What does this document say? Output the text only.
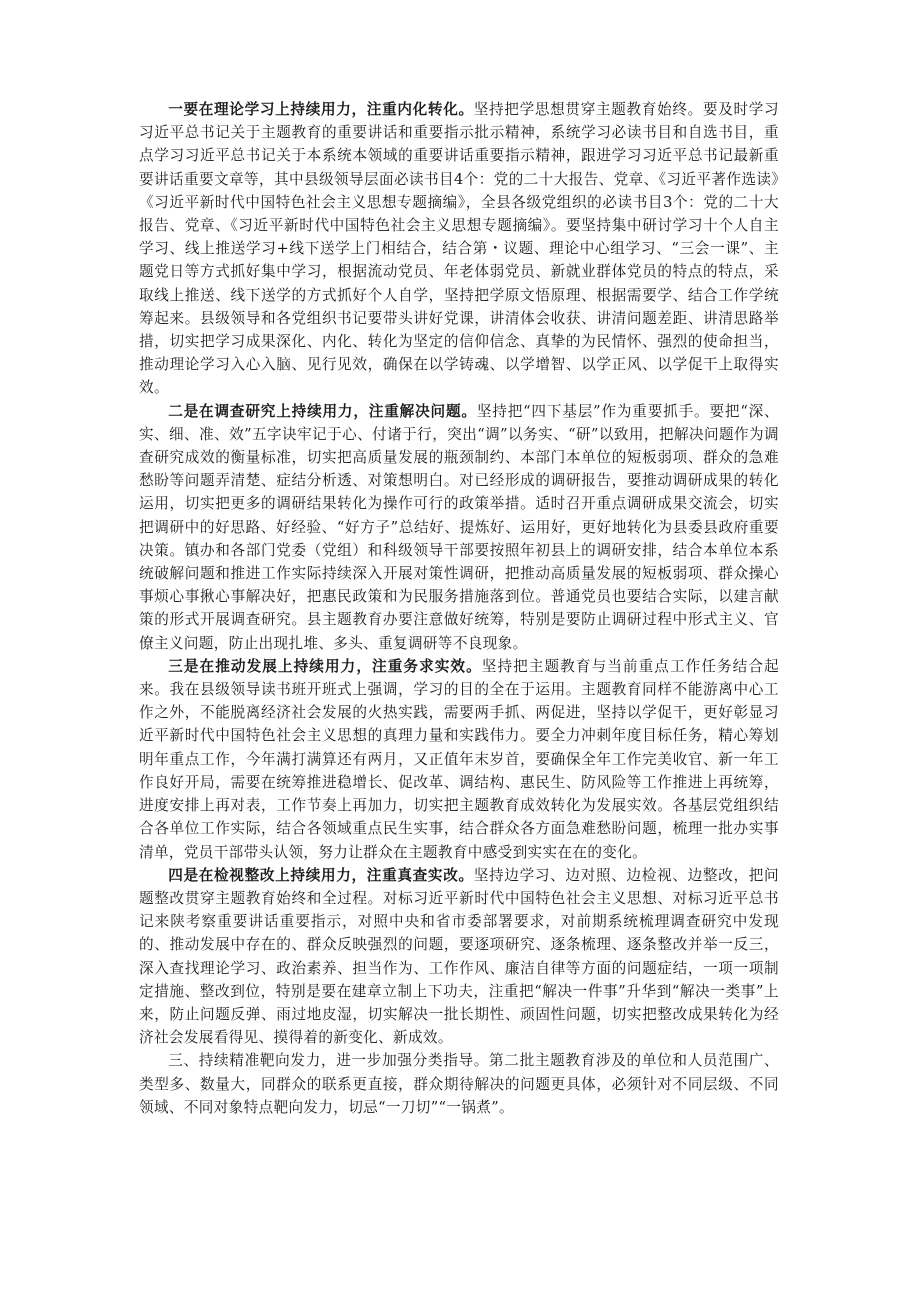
一要在理论学习上持续用力，注重内化转化。坚持把学思想贯穿主题教育始终。要及时学习习近平总书记关于主题教育的重要讲话和重要指示批示精神，系统学习必读书目和自选书目，重点学习习近平总书记关于本系统本领域的重要讲话重要指示精神，跟进学习习近平总书记最新重要讲话重要文章等，其中县级领导层面必读书目4个：党的二十大报告、党章、《习近平著作选读》《习近平新时代中国特色社会主义思想专题摘编》，全县各级党组织的必读书目3个：党的二十大报告、党章、《习近平新时代中国特色社会主义思想专题摘编》。要坚持集中研讨学习十个人自主学习、线上推送学习+线下送学上门相结合，结合第・议题、理论中心组学习、“三会一课”、主题党日等方式抓好集中学习，根据流动党员、年老体弱党员、新就业群体党员的特点的特点，采取线上推送、线下送学的方式抓好个人自学，坚持把学原文悟原理、根据需要学、结合工作学统筹起来。县级领导和各党组织书记要带头讲好党课，讲清体会收获、讲清问题差距、讲清思路举措，切实把学习成果深化、内化、转化为坚定的信仰信念、真挚的为民情怀、强烈的使命担当，推动理论学习入心入脑、见行见效，确保在以学铸魂、以学增智、以学正风、以学促干上取得实效。

二是在调查研究上持续用力，注重解决问题。坚持把“四下基层”作为重要抓手。要把“深、实、细、准、效”五字诀牢记于心、付诸于行，突出“调”以务实、“研”以致用，把解决问题作为调查研究成效的衡量标准，切实把高质量发展的瓶颈制约、本部门本单位的短板弱项、群众的急难愁盼等问题弄清楚、症结分析透、对策想明白。对已经形成的调研报告，要推动调研成果的转化运用，切实把更多的调研结果转化为操作可行的政策举措。适时召开重点调研成果交流会，切实把调研中的好思路、好经验、“好方子”总结好、提炼好、运用好，更好地转化为县委县政府重要决策。镇办和各部门党委（党组）和科级领导干部要按照年初县上的调研安排，结合本单位本系统破解问题和推进工作实际持续深入开展对策性调研，把推动高质量发展的短板弱项、群众操心事烦心事揪心事解决好，把惠民政策和为民服务措施落到位。普通党员也要结合实际，以建言献策的形式开展调查研究。县主题教育办要注意做好统筹，特别是要防止调研过程中形式主义、官僚主义问题，防止出现扎堆、多头、重复调研等不良现象。

三是在推动发展上持续用力，注重务求实效。坚持把主题教育与当前重点工作任务结合起来。我在县级领导读书班开班式上强调，学习的目的全在于运用。主题教育同样不能游离中心工作之外，不能脱离经济社会发展的火热实践，需要两手抓、两促进，坚持以学促干，更好彰显习近平新时代中国特色社会主义思想的真理力量和实践伟力。要全力冲刺年度目标任务，精心筹划明年重点工作，今年满打满算还有两月，又正值年末岁首，要确保全年工作完美收官、新一年工作良好开局，需要在统筹推进稳增长、促改革、调结构、惠民生、防风险等工作推进上再统筹，进度安排上再对表，工作节奏上再加力，切实把主题教育成效转化为发展实效。各基层党组织结合各单位工作实际，结合各领域重点民生实事，结合群众各方面急难愁盼问题，梳理一批办实事清单，党员干部带头认领，努力让群众在主题教育中感受到实实在在的变化。

四是在检视整改上持续用力，注重真查实改。坚持边学习、边对照、边检视、边整改，把问题整改贯穿主题教育始终和全过程。对标习近平新时代中国特色社会主义思想、对标习近平总书记来陕考察重要讲话重要指示，对照中央和省市委部署要求，对前期系统梳理调查研究中发现的、推动发展中存在的、群众反映强烈的问题，要逐项研究、逐条梳理、逐条整改并举一反三，深入查找理论学习、政治素养、担当作为、工作作风、廉洁自律等方面的问题症结，一项一项制定措施、整改到位，特别是要在建章立制上下功夫，注重把“解决一件事”升华到“解决一类事”上来，防止问题反弹、雨过地皮湿，切实解决一批长期性、顽固性问题，切实把整改成果转化为经济社会发展看得见、摸得着的新变化、新成效。

三、持续精准靶向发力，进一步加强分类指导。第二批主题教育涉及的单位和人员范围广、类型多、数量大，同群众的联系更直接，群众期待解决的问题更具体，必须针对不同层级、不同领域、不同对象特点靶向发力，切忌“一刀切”“一锅煮”。
